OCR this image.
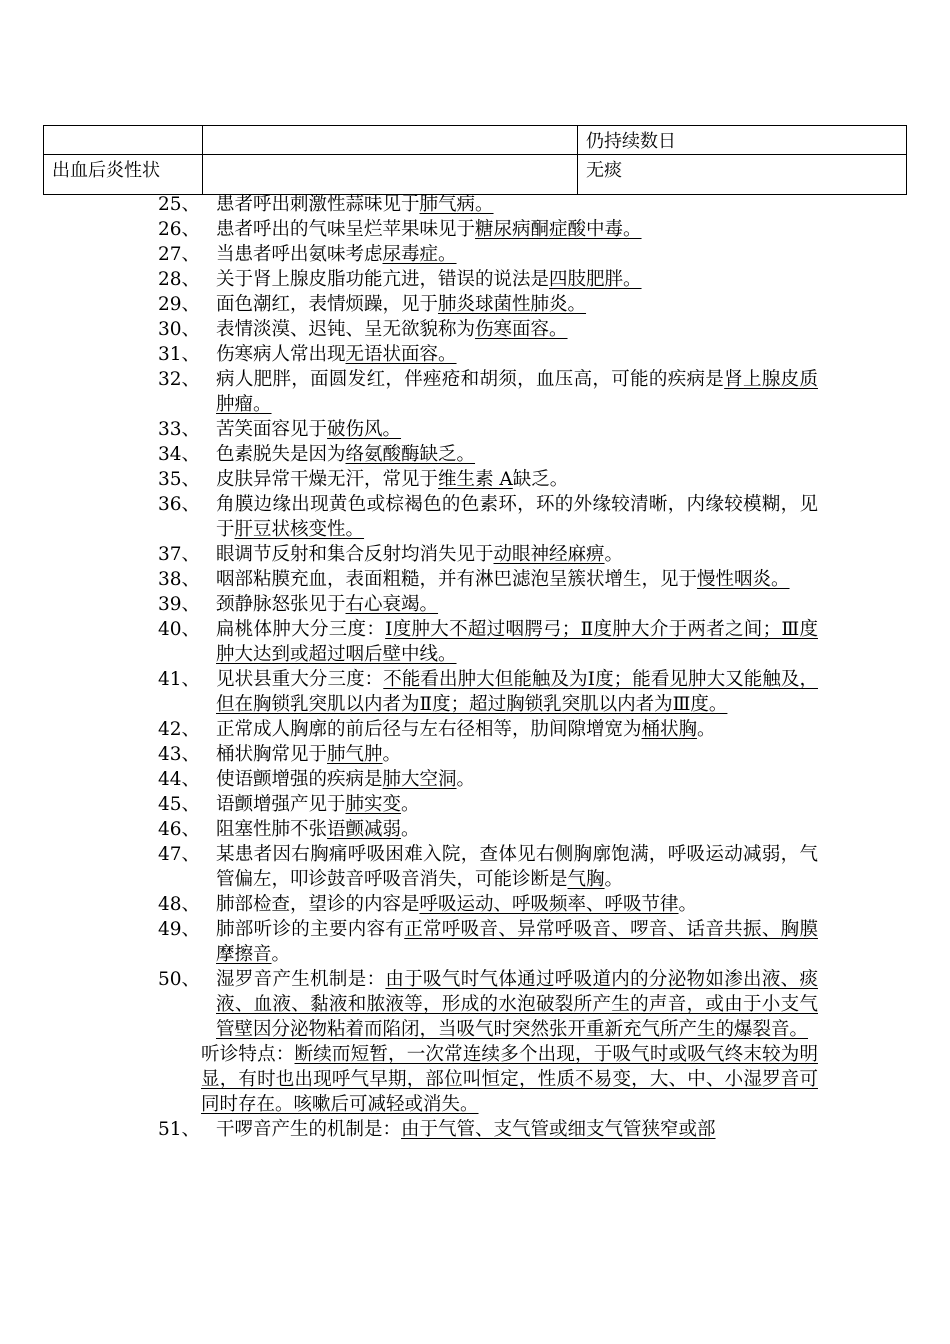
		仍持续数日
出血后炎性状		无痰
25、 患者呼出刺激性蒜味见于肺气病。
26、 患者呼出的气味呈烂苹果味见于糖尿病酮症酸中毒。
27、 当患者呼出氨味考虑尿毒症。
28、 关于肾上腺皮脂功能亢进，错误的说法是四肢肥胖。
29、 面色潮红，表情烦躁，见于肺炎球菌性肺炎。
30、 表情淡漠、迟钝、呈无欲貌称为伤寒面容。
31、 伤寒病人常出现无语状面容。
32、 病人肥胖，面圆发红，伴痤疮和胡须，血压高，可能的疾病是肾上腺皮质肿瘤。
33、 苦笑面容见于破伤风。
34、 色素脱失是因为络氨酸酶缺乏。
35、 皮肤异常干燥无汗，常见于维生素 A缺乏。
36、 角膜边缘出现黄色或棕褐色的色素环，环的外缘较清晰，内缘较模糊，见于肝豆状核变性。
37、 眼调节反射和集合反射均消失见于动眼神经麻痹。
38、 咽部粘膜充血，表面粗糙，并有淋巴滤泡呈簇状增生，见于慢性咽炎。
39、 颈静脉怒张见于右心衰竭。
40、 扁桃体肿大分三度：Ⅰ度肿大不超过咽腭弓；Ⅱ度肿大介于两者之间；Ⅲ度肿大达到或超过咽后壁中线。
41、 见状县重大分三度：不能看出肿大但能触及为Ⅰ度；能看见肿大又能触及，但在胸锁乳突肌以内者为Ⅱ度；超过胸锁乳突肌以内者为Ⅲ度。
42、 正常成人胸廓的前后径与左右径相等，肋间隙增宽为桶状胸。
43、 桶状胸常见于肺气肿。
44、 使语颤增强的疾病是肺大空洞。
45、 语颤增强产见于肺实变。
46、 阻塞性肺不张语颤减弱。
47、 某患者因右胸痛呼吸困难入院，查体见右侧胸廓饱满，呼吸运动减弱，气管偏左，叩诊鼓音呼吸音消失，可能诊断是气胸。
48、 肺部检查，望诊的内容是呼吸运动、呼吸频率、呼吸节律。
49、 肺部听诊的主要内容有正常呼吸音、异常呼吸音、啰音、话音共振、胸膜摩擦音。
50、 湿罗音产生机制是：由于吸气时气体通过呼吸道内的分泌物如渗出液、痰液、血液、黏液和脓液等，形成的水泡破裂所产生的声音，或由于小支气管壁因分泌物粘着而陷闭，当吸气时突然张开重新充气所产生的爆裂音。
听诊特点：断续而短暂，一次常连续多个出现，于吸气时或吸气终末较为明显，有时也出现呼气早期，部位叫恒定，性质不易变，大、中、小湿罗音可同时存在。咳嗽后可减轻或消失。
51、 干啰音产生的机制是：由于气管、支气管或细支气管狭窄或部
